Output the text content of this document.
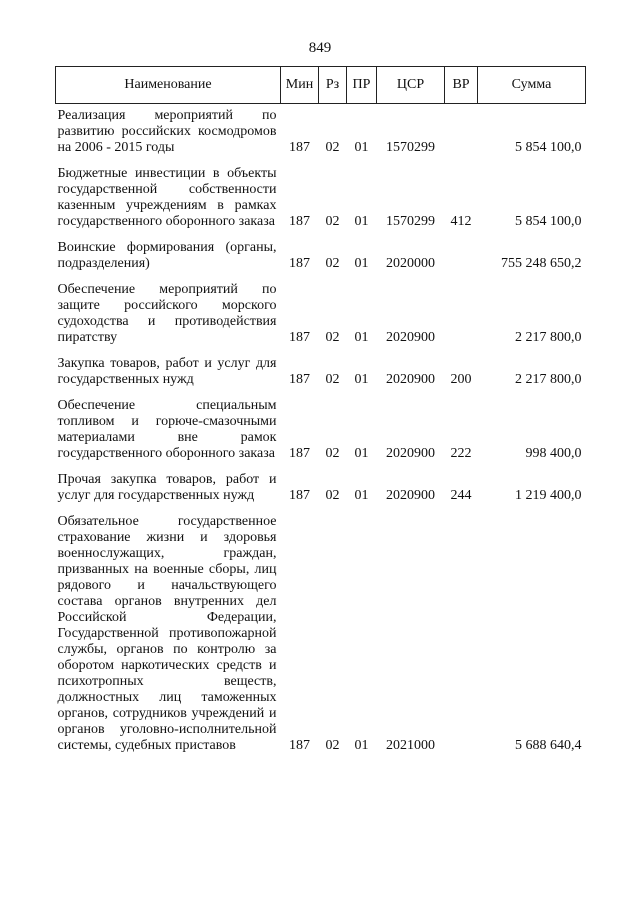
849
Наименование	Мин	Рз	ПР	ЦСР	ВР	Сумма
Реализация мероприятий по развитию российских космодромов на 2006 - 2015 годы	187	02	01	1570299		5 854 100,0
Бюджетные инвестиции в объекты государственной собственности казенным учреждениям в рамках государственного оборонного заказа	187	02	01	1570299	412	5 854 100,0
Воинские формирования (органы, подразделения)	187	02	01	2020000		755 248 650,2
Обеспечение мероприятий по защите российского морского судоходства и противодействия пиратству	187	02	01	2020900		2 217 800,0
Закупка товаров, работ и услуг для государственных нужд	187	02	01	2020900	200	2 217 800,0
Обеспечение специальным топливом и горюче-смазочными материалами вне рамок государственного оборонного заказа	187	02	01	2020900	222	998 400,0
Прочая закупка товаров, работ и услуг для государственных нужд	187	02	01	2020900	244	1 219 400,0
Обязательное государственное страхование жизни и здоровья военнослужащих, граждан, призванных на военные сборы, лиц рядового и начальствующего состава органов внутренних дел Российской Федерации, Государственной противопожарной службы, органов по контролю за оборотом наркотических средств и психотропных веществ, должностных лиц таможенных органов, сотрудников учреждений и органов уголовно-исполнительной системы, судебных приставов	187	02	01	2021000		5 688 640,4
